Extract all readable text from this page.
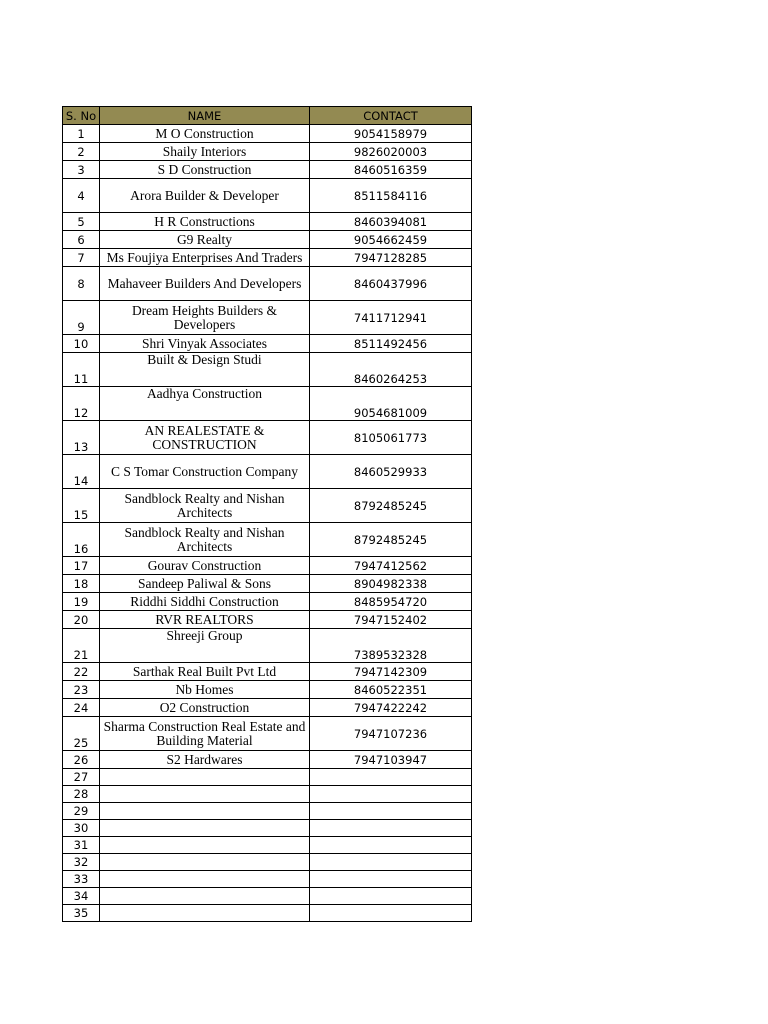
S. No	NAME	CONTACT
1	M O Construction	9054158979
2	Shaily Interiors	9826020003
3	S D Construction	8460516359
4	Arora Builder & Developer	8511584116
5	H R Constructions	8460394081
6	G9 Realty	9054662459
7	Ms Foujiya Enterprises And Traders	7947128285
8	Mahaveer Builders And Developers	8460437996
9	Dream Heights Builders & Developers	7411712941
10	Shri Vinyak Associates	8511492456
11	Built & Design Studi	8460264253
12	Aadhya Construction	9054681009
13	AN REALESTATE & CONSTRUCTION	8105061773
14	C S Tomar Construction Company	8460529933
15	Sandblock Realty and Nishan Architects	8792485245
16	Sandblock Realty and Nishan Architects	8792485245
17	Gourav Construction	7947412562
18	Sandeep Paliwal & Sons	8904982338
19	Riddhi Siddhi Construction	8485954720
20	RVR REALTORS	7947152402
21	Shreeji Group	7389532328
22	Sarthak Real Built Pvt Ltd	7947142309
23	Nb Homes	8460522351
24	O2 Construction	7947422242
25	Sharma Construction Real Estate and Building Material	7947107236
26	S2 Hardwares	7947103947
27		
28		
29		
30		
31		
32		
33		
34		
35		
